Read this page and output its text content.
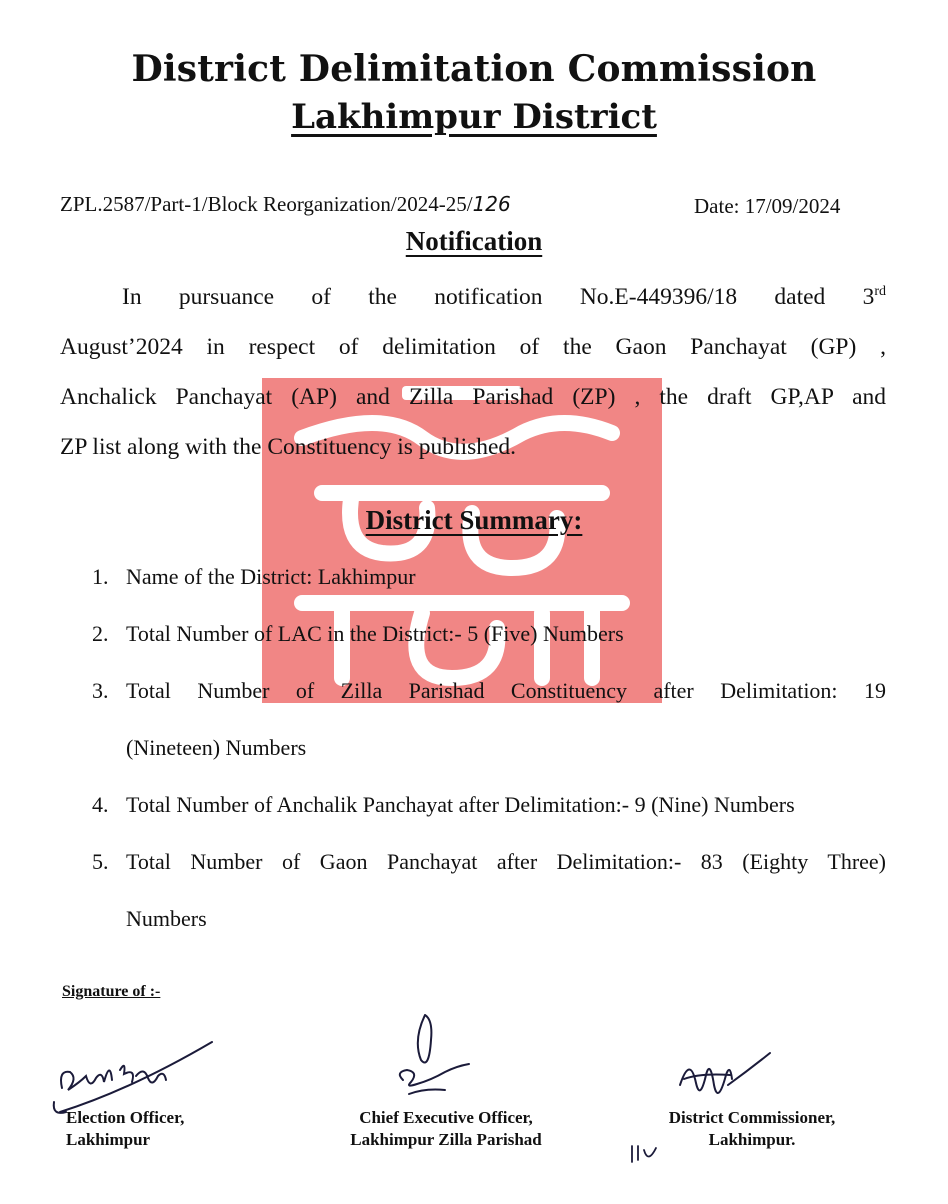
District Delimitation Commission
Lakhimpur District
ZPL.2587/Part-1/Block Reorganization/2024-25/126	Date: 17/09/2024
Notification
In pursuance of the notification No.E-449396/18 dated 3rd
August’2024 in respect of delimitation of the Gaon Panchayat (GP) ,
Anchalick Panchayat (AP) and Zilla Parishad (ZP) , the draft GP,AP and
ZP list along with the Constituency is published.
District Summary:
1. Name of the District: Lakhimpur
2. Total Number of LAC in the District:- 5 (Five) Numbers
3. Total Number of Zilla Parishad Constituency after Delimitation: 19
(Nineteen) Numbers
4. Total Number of Anchalik Panchayat after Delimitation:- 9 (Nine) Numbers
5. Total Number of Gaon Panchayat after Delimitation:- 83 (Eighty Three)
Numbers
Signature of :-
Election Officer,
Lakhimpur
Chief Executive Officer,
Lakhimpur Zilla Parishad
District Commissioner,
Lakhimpur.
